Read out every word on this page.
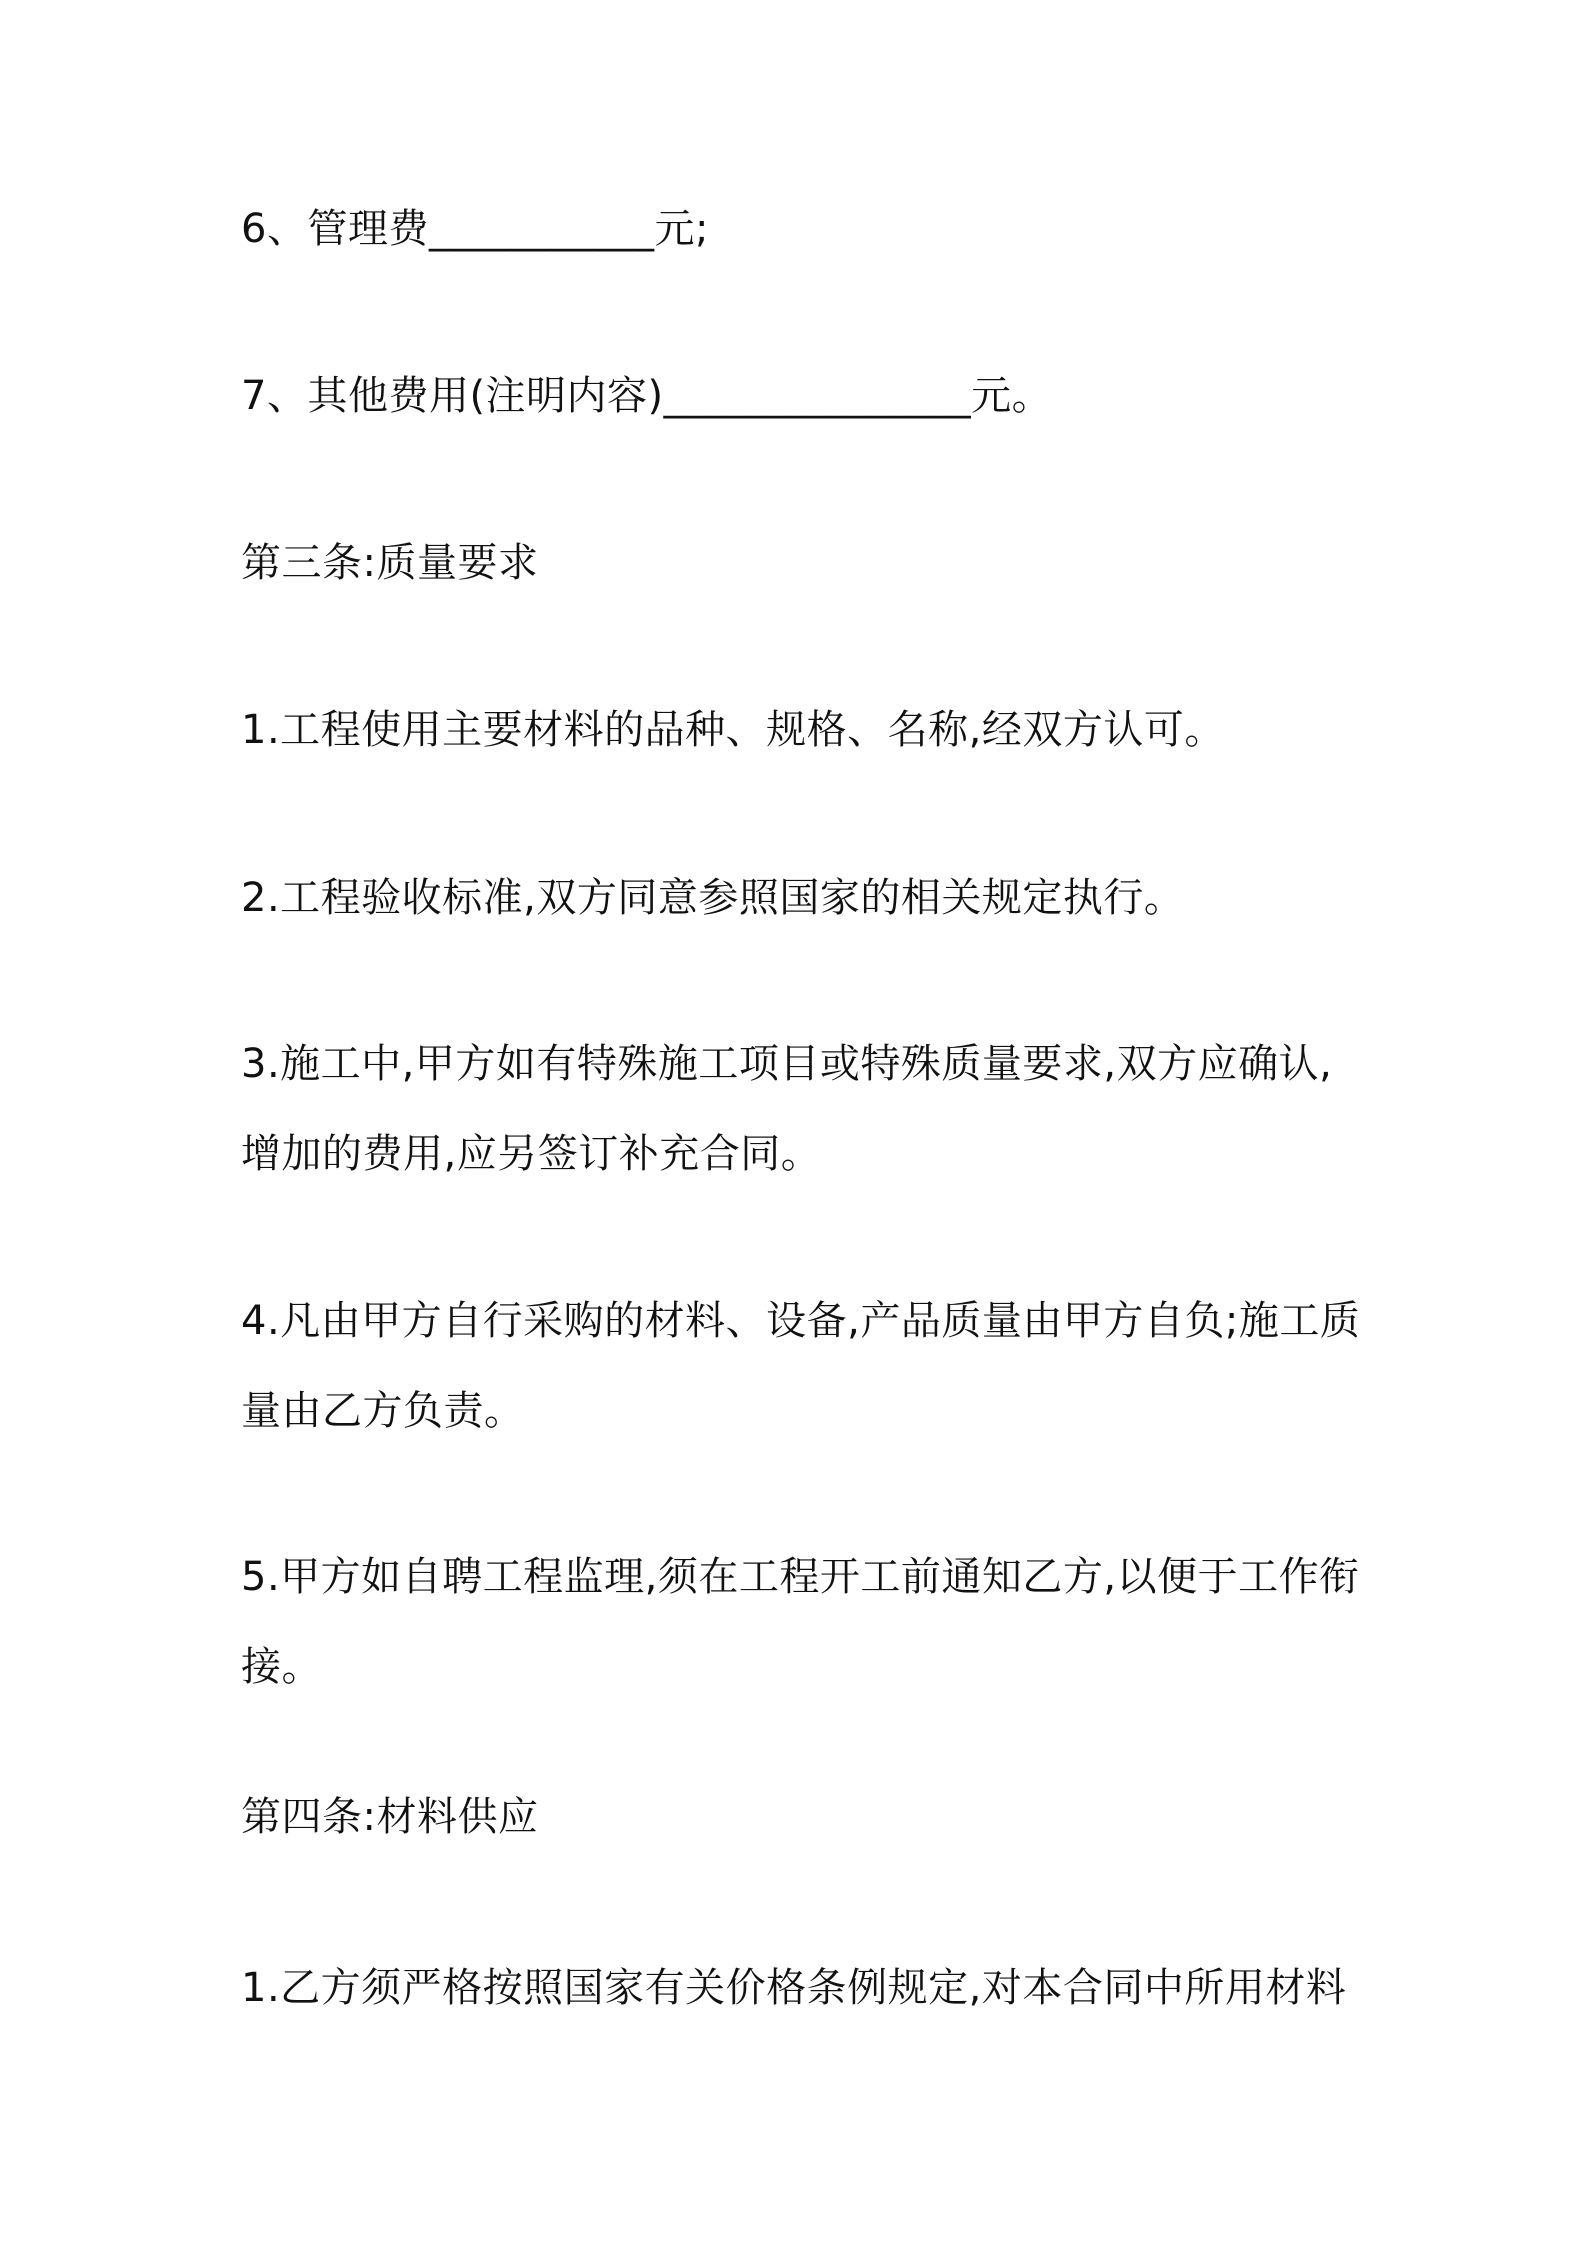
6、管理费___________元;

7、其他费用(注明内容)_______________元。

第三条:质量要求

1.工程使用主要材料的品种、规格、名称,经双方认可。

2.工程验收标准,双方同意参照国家的相关规定执行。

3.施工中,甲方如有特殊施工项目或特殊质量要求,双方应确认,增加的费用,应另签订补充合同。

4.凡由甲方自行采购的材料、设备,产品质量由甲方自负;施工质量由乙方负责。

5.甲方如自聘工程监理,须在工程开工前通知乙方,以便于工作衔接。

第四条:材料供应

1.乙方须严格按照国家有关价格条例规定,对本合同中所用材料
